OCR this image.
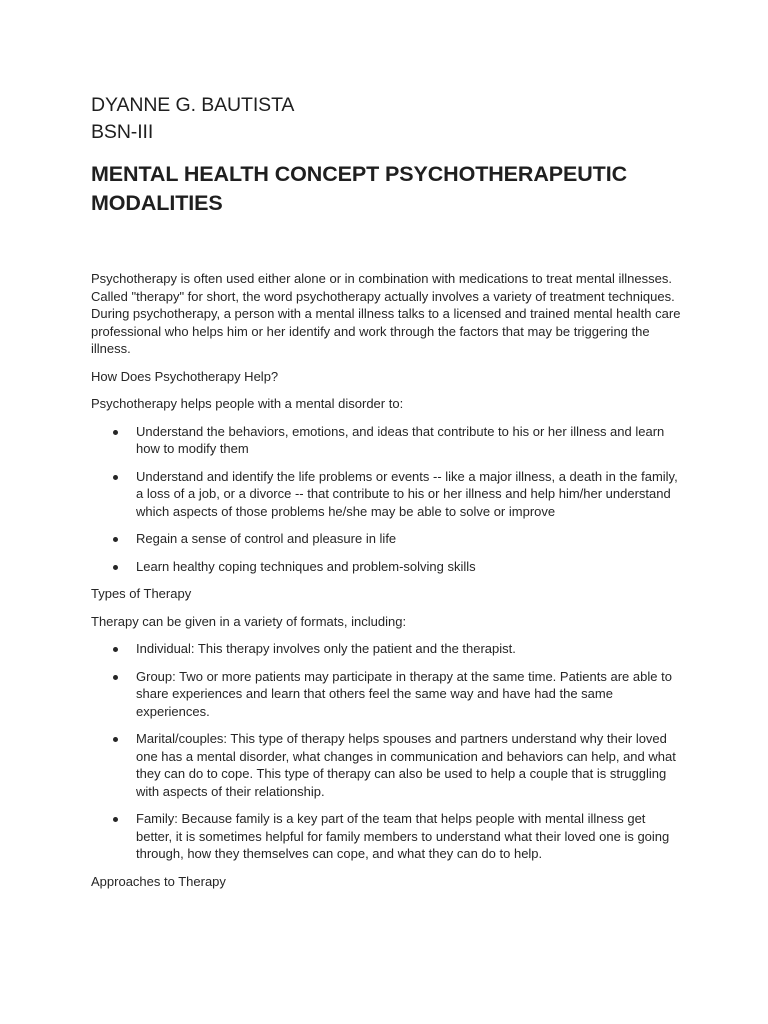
DYANNE G. BAUTISTA
BSN-III
MENTAL HEALTH CONCEPT PSYCHOTHERAPEUTIC MODALITIES
Psychotherapy is often used either alone or in combination with medications to treat mental illnesses. Called "therapy" for short, the word psychotherapy actually involves a variety of treatment techniques. During psychotherapy, a person with a mental illness talks to a licensed and trained mental health care professional who helps him or her identify and work through the factors that may be triggering the illness.
How Does Psychotherapy Help?
Psychotherapy helps people with a mental disorder to:
Understand the behaviors, emotions, and ideas that contribute to his or her illness and learn how to modify them
Understand and identify the life problems or events -- like a major illness, a death in the family, a loss of a job, or a divorce -- that contribute to his or her illness and help him/her understand which aspects of those problems he/she may be able to solve or improve
Regain a sense of control and pleasure in life
Learn healthy coping techniques and problem-solving skills
Types of Therapy
Therapy can be given in a variety of formats, including:
Individual: This therapy involves only the patient and the therapist.
Group: Two or more patients may participate in therapy at the same time. Patients are able to share experiences and learn that others feel the same way and have had the same experiences.
Marital/couples: This type of therapy helps spouses and partners understand why their loved one has a mental disorder, what changes in communication and behaviors can help, and what they can do to cope. This type of therapy can also be used to help a couple that is struggling with aspects of their relationship.
Family: Because family is a key part of the team that helps people with mental illness get better, it is sometimes helpful for family members to understand what their loved one is going through, how they themselves can cope, and what they can do to help.
Approaches to Therapy
